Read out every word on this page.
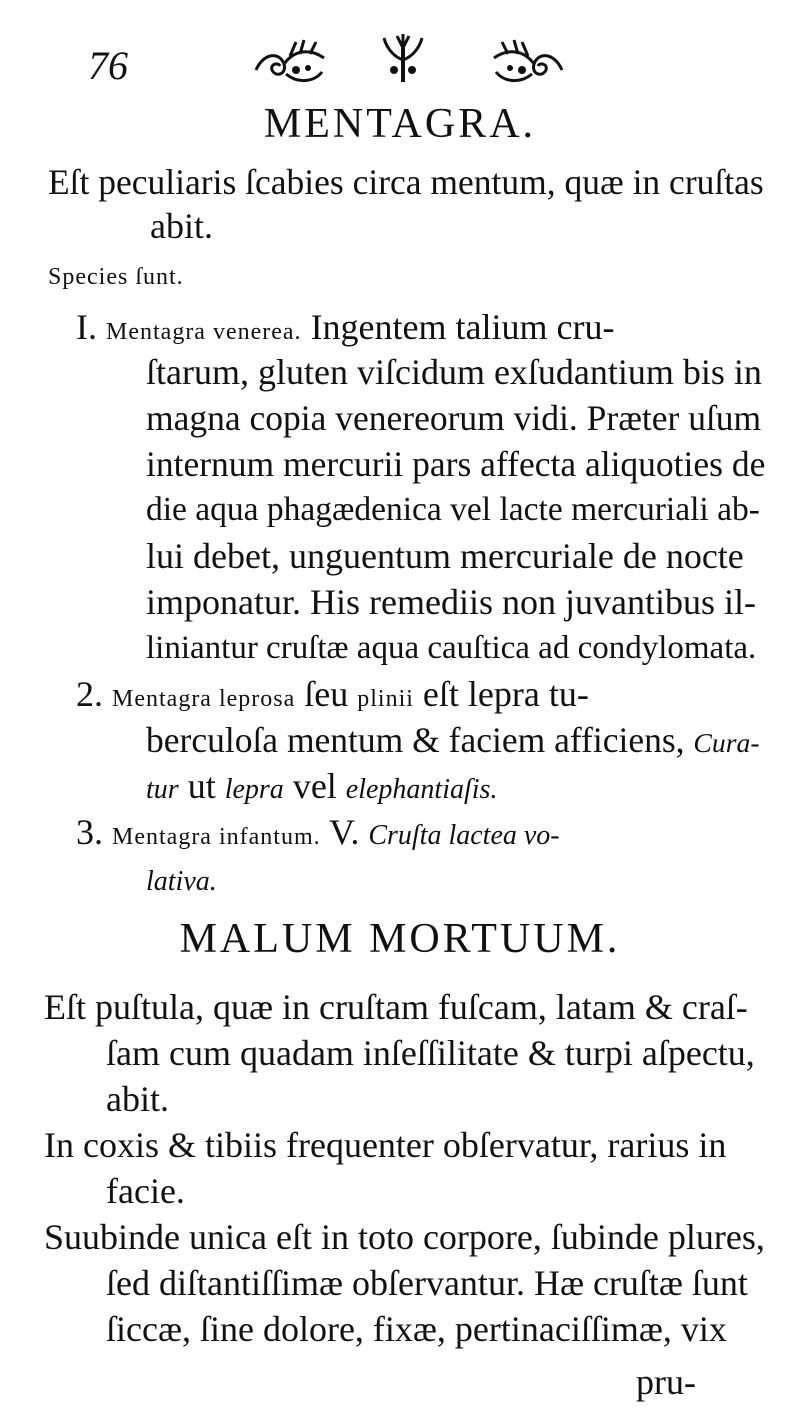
76
MENTAGRA.
Eſt peculiaris ſcabies circa mentum, quæ in cruſtas
abit.
Species ſunt.
I. Mentagra venerea. Ingentem talium cru-
ſtarum, gluten viſcidum exſudantium bis in
magna copia venereorum vidi. Præter uſum
internum mercurii pars affecta aliquoties de
die aqua phagædenica vel lacte mercuriali ab-
lui debet, unguentum mercuriale de nocte
imponatur. His remediis non juvantibus il-
liniantur cruſtæ aqua cauſtica ad condylomata.
2. Mentagra leprosa ſeu plinii eſt lepra tu-
berculoſa mentum & faciem afficiens, Cura-
tur ut lepra vel elephantiaſis.
3. Mentagra infantum. V. Cruſta lactea vo-
lativa.
MALUM MORTUUM.
Eſt puſtula, quæ in cruſtam fuſcam, latam & craſ-
ſam cum quadam inſeſſilitate & turpi aſpectu,
abit.
In coxis & tibiis frequenter obſervatur, rarius in
facie.
Suubinde unica eſt in toto corpore, ſubinde plures,
ſed diſtantiſſimæ obſervantur. Hæ cruſtæ ſunt
ſiccæ, ſine dolore, fixæ, pertinaciſſimæ, vix
pru-
